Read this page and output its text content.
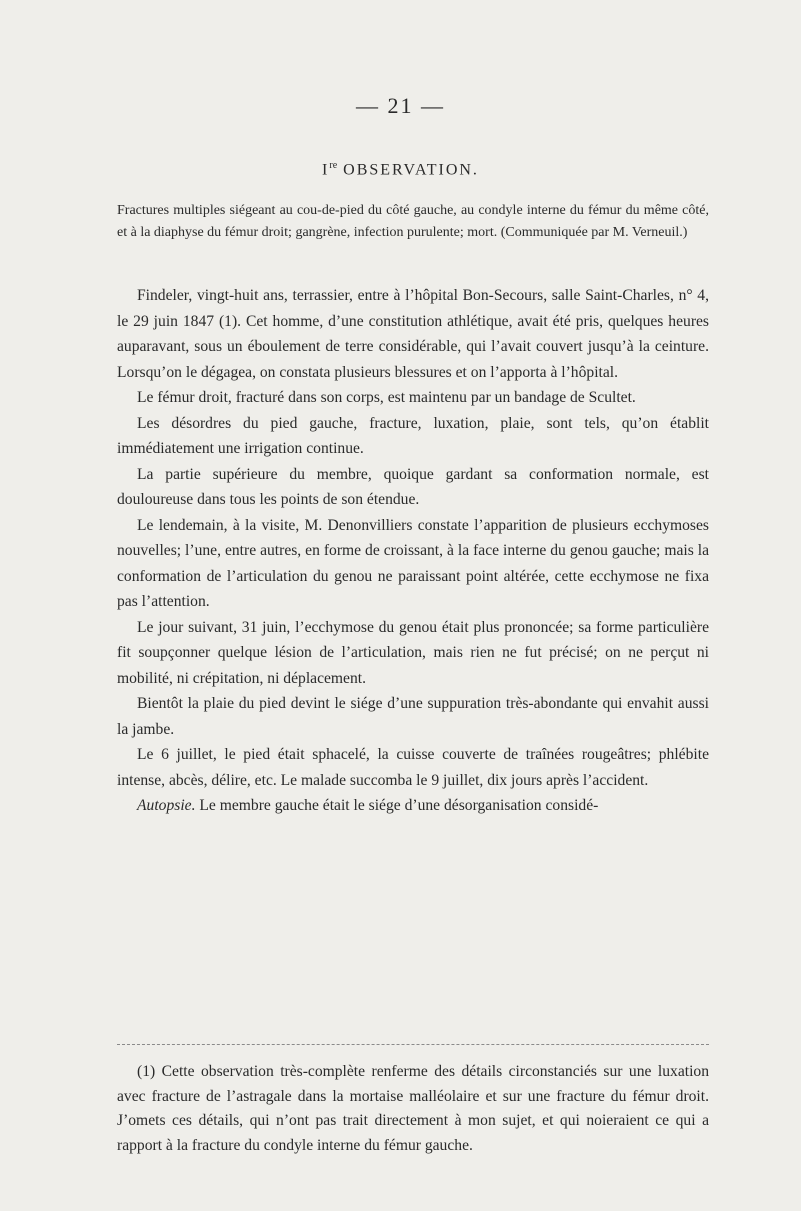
— 21 —
Ire OBSERVATION.
Fractures multiples siégeant au cou-de-pied du côté gauche, au condyle interne du fémur du même côté, et à la diaphyse du fémur droit; gangrène, infection purulente; mort. (Communiquée par M. Verneuil.)

Findeler, vingt-huit ans, terrassier, entre à l’hôpital Bon-Secours, salle Saint-Charles, n° 4, le 29 juin 1847 (1). Cet homme, d’une constitution athlétique, avait été pris, quelques heures auparavant, sous un éboulement de terre considérable, qui l’avait couvert jusqu’à la ceinture. Lorsqu’on le dégagea, on constata plusieurs blessures et on l’apporta à l’hôpital.

Le fémur droit, fracturé dans son corps, est maintenu par un bandage de Scultet.

Les désordres du pied gauche, fracture, luxation, plaie, sont tels, qu’on établit immédiatement une irrigation continue.

La partie supérieure du membre, quoique gardant sa conformation normale, est douloureuse dans tous les points de son étendue.

Le lendemain, à la visite, M. Denonvilliers constate l’apparition de plusieurs ecchymoses nouvelles; l’une, entre autres, en forme de croissant, à la face interne du genou gauche; mais la conformation de l’articulation du genou ne paraissant point altérée, cette ecchymose ne fixa pas l’attention.

Le jour suivant, 31 juin, l’ecchymose du genou était plus prononcée; sa forme particulière fit soupçonner quelque lésion de l’articulation, mais rien ne fut précisé; on ne perçut ni mobilité, ni crépitation, ni déplacement.

Bientôt la plaie du pied devint le siége d’une suppuration très-abondante qui envahit aussi la jambe.

Le 6 juillet, le pied était sphacelé, la cuisse couverte de traînées rougeâtres; phlébite intense, abcès, délire, etc. Le malade succomba le 9 juillet, dix jours après l’accident.

Autopsie. Le membre gauche était le siége d’une désorganisation considé-

(1) Cette observation très-complète renferme des détails circonstanciés sur une luxation avec fracture de l’astragale dans la mortaise malléolaire et sur une fracture du fémur droit. J’omets ces détails, qui n’ont pas trait directement à mon sujet, et qui noieraient ce qui a rapport à la fracture du condyle interne du fémur gauche.
